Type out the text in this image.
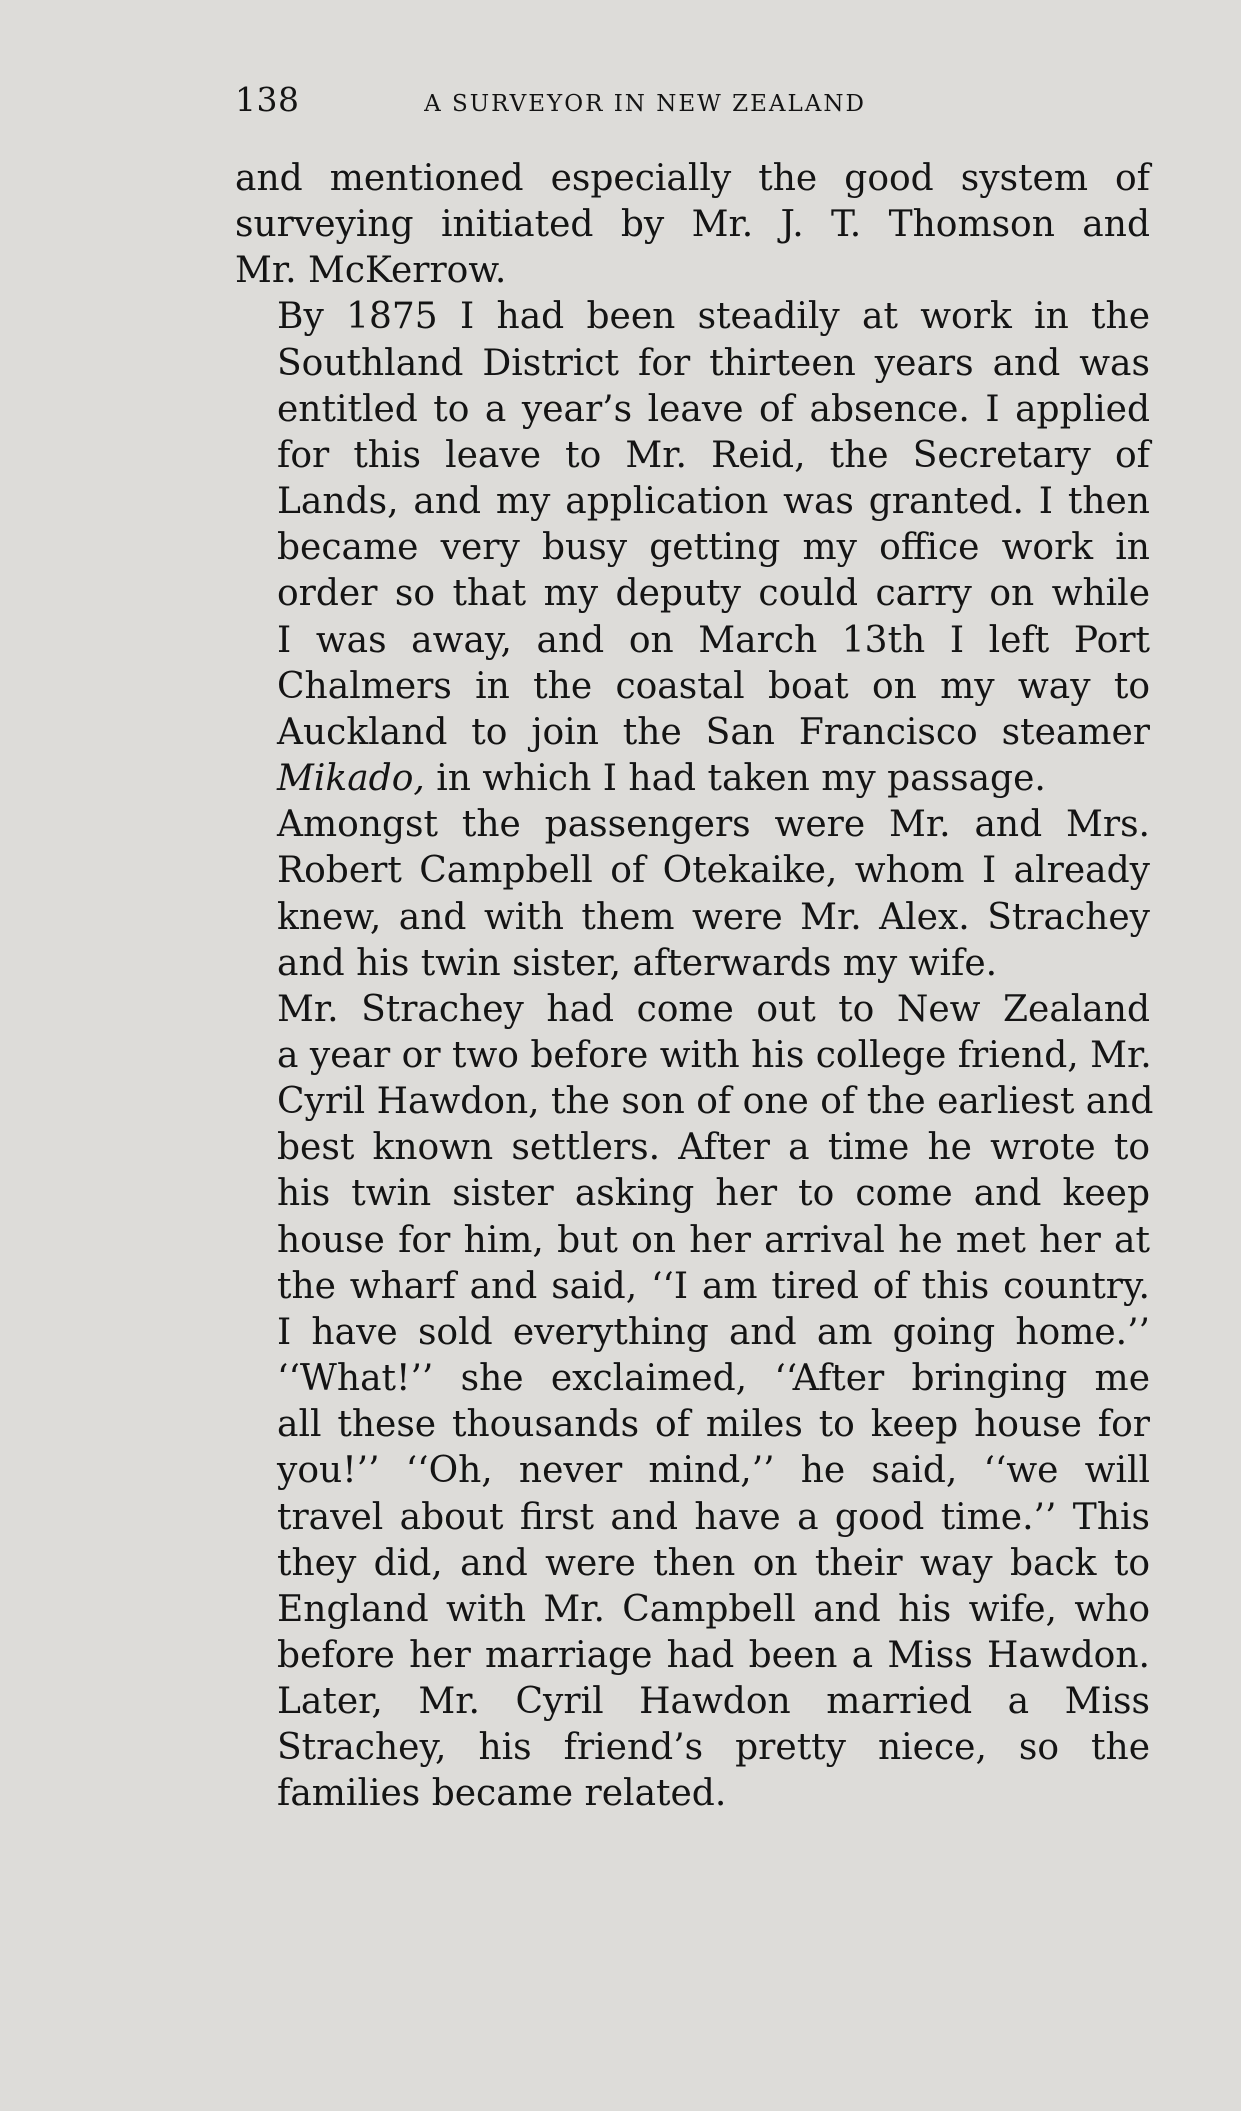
138	A SURVEYOR IN NEW ZEALAND

and mentioned especially the good system of
surveying initiated by Mr. J. T. Thomson and
Mr. McKerrow.

By 1875 I had been steadily at work in the
Southland District for thirteen years and was
entitled to a year’s leave of absence. I applied
for this leave to Mr. Reid, the Secretary of
Lands, and my application was granted. I then
became very busy getting my office work in
order so that my deputy could carry on while
I was away, and on March 13th I left Port
Chalmers in the coastal boat on my way to
Auckland to join the San Francisco steamer
Mikado, in which I had taken my passage.

Amongst the passengers were Mr. and Mrs.
Robert Campbell of Otekaike, whom I already
knew, and with them were Mr. Alex. Strachey
and his twin sister, afterwards my wife.

Mr. Strachey had come out to New Zealand
a year or two before with his college friend, Mr.
Cyril Hawdon, the son of one of the earliest and
best known settlers. After a time he wrote to
his twin sister asking her to come and keep
house for him, but on her arrival he met her at
the wharf and said, ‘‘I am tired of this country.
I have sold everything and am going home.’’
‘‘What!’’ she exclaimed, ‘‘After bringing me
all these thousands of miles to keep house for
you!’’ ‘‘Oh, never mind,’’ he said, ‘‘we will
travel about first and have a good time.’’ This
they did, and were then on their way back to
England with Mr. Campbell and his wife, who
before her marriage had been a Miss Hawdon.
Later, Mr. Cyril Hawdon married a Miss
Strachey, his friend’s pretty niece, so the
families became related.
